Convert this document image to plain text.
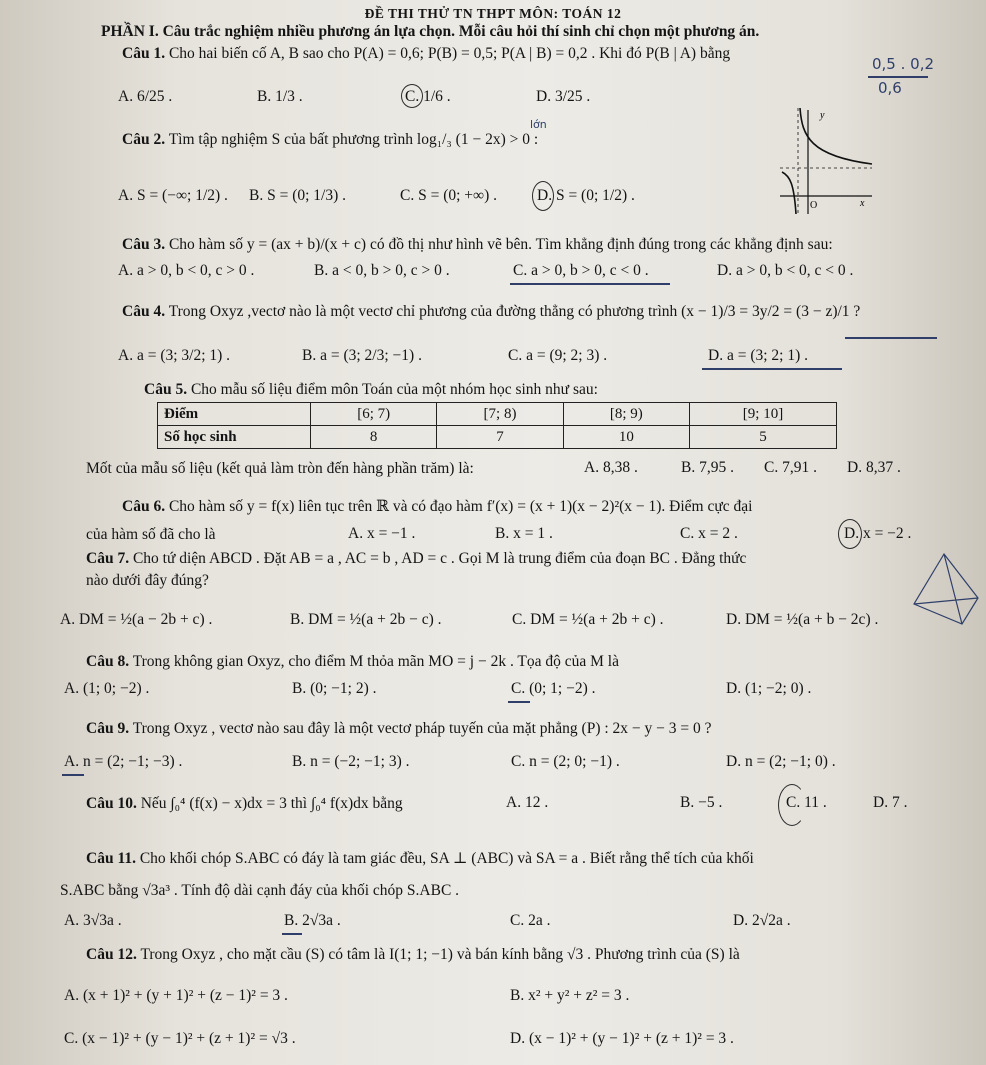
ĐỀ THI THỬ TN THPT MÔN: TOÁN 12
PHẦN I. Câu trắc nghiệm nhiều phương án lựa chọn. Mỗi câu hỏi thí sinh chỉ chọn một phương án.
Câu 1. Cho hai biến cố A, B sao cho P(A) = 0,6; P(B) = 0,5; P(A | B) = 0,2 . Khi đó P(B | A) bằng
A. 6/25 .	B. 1/3 .	C. 1/6 .	D. 3/25 .
0,5 . 0,2
0,6
Câu 2. Tìm tập nghiệm S của bất phương trình log₁/₃ (1 − 2x) > 0 :
lớn
A. S = (−∞; 1/2) . B. S = (0; 1/3) .	C. S = (0; +∞) .	D. S = (0; 1/2) .
y
x
O
Câu 3. Cho hàm số y = (ax + b)/(x + c) có đồ thị như hình vẽ bên. Tìm khẳng định đúng trong các khẳng định sau:
A. a > 0, b < 0, c > 0 .	B. a < 0, b > 0, c > 0 .	C. a > 0, b > 0, c < 0 .	D. a > 0, b < 0, c < 0 .
Câu 4. Trong Oxyz ,vectơ nào là một vectơ chỉ phương của đường thẳng có phương trình (x − 1)/3 = 3y/2 = (3 − z)/1 ?
A. a = (3; 3/2; 1) .	B. a = (3; 2/3; −1) .	C. a = (9; 2; 3) .	D. a = (3; 2; 1) .
Câu 5. Cho mẫu số liệu điểm môn Toán của một nhóm học sinh như sau:
Điểm	[6; 7)	[7; 8)	[8; 9)	[9; 10]
Số học sinh	8	7	10	5
Mốt của mẫu số liệu (kết quả làm tròn đến hàng phần trăm) là:	A. 8,38 .	B. 7,95 . C. 7,91 . D. 8,37 .
Câu 6. Cho hàm số y = f(x) liên tục trên ℝ và có đạo hàm f′(x) = (x + 1)(x − 2)²(x − 1). Điểm cực đại
của hàm số đã cho là	A. x = −1 .	B. x = 1 .	C. x = 2 .	D. x = −2 .
Câu 7. Cho tứ diện ABCD . Đặt AB = a , AC = b , AD = c . Gọi M là trung điểm của đoạn BC . Đẳng thức
nào dưới đây đúng?
A. DM = ½(a − 2b + c) .	B. DM = ½(a + 2b − c) .	C. DM = ½(a + 2b + c) .	D. DM = ½(a + b − 2c) .
Câu 8. Trong không gian Oxyz, cho điểm M thỏa mãn MO = j − 2k . Tọa độ của M là
A. (1; 0; −2) .	B. (0; −1; 2) .	C. (0; 1; −2) .	D. (1; −2; 0) .
Câu 9. Trong Oxyz , vectơ nào sau đây là một vectơ pháp tuyến của mặt phẳng (P) : 2x − y − 3 = 0 ?
A. n = (2; −1; −3) .	B. n = (−2; −1; 3) .	C. n = (2; 0; −1) .	D. n = (2; −1; 0) .
Câu 10. Nếu ∫₀⁴ (f(x) − x)dx = 3 thì ∫₀⁴ f(x)dx bằng	A. 12 .	B. −5 .	C. 11 .	D. 7 .
Câu 11. Cho khối chóp S.ABC có đáy là tam giác đều, SA ⊥ (ABC) và SA = a . Biết rằng thể tích của khối
S.ABC bằng √3a³ . Tính độ dài cạnh đáy của khối chóp S.ABC .
A. 3√3a .	B. 2√3a .	C. 2a .	D. 2√2a .
Câu 12. Trong Oxyz , cho mặt cầu (S) có tâm là I(1; 1; −1) và bán kính bằng √3 . Phương trình của (S) là
A. (x + 1)² + (y + 1)² + (z − 1)² = 3 .	B. x² + y² + z² = 3 .
C. (x − 1)² + (y − 1)² + (z + 1)² = √3 .	D. (x − 1)² + (y − 1)² + (z + 1)² = 3 .
